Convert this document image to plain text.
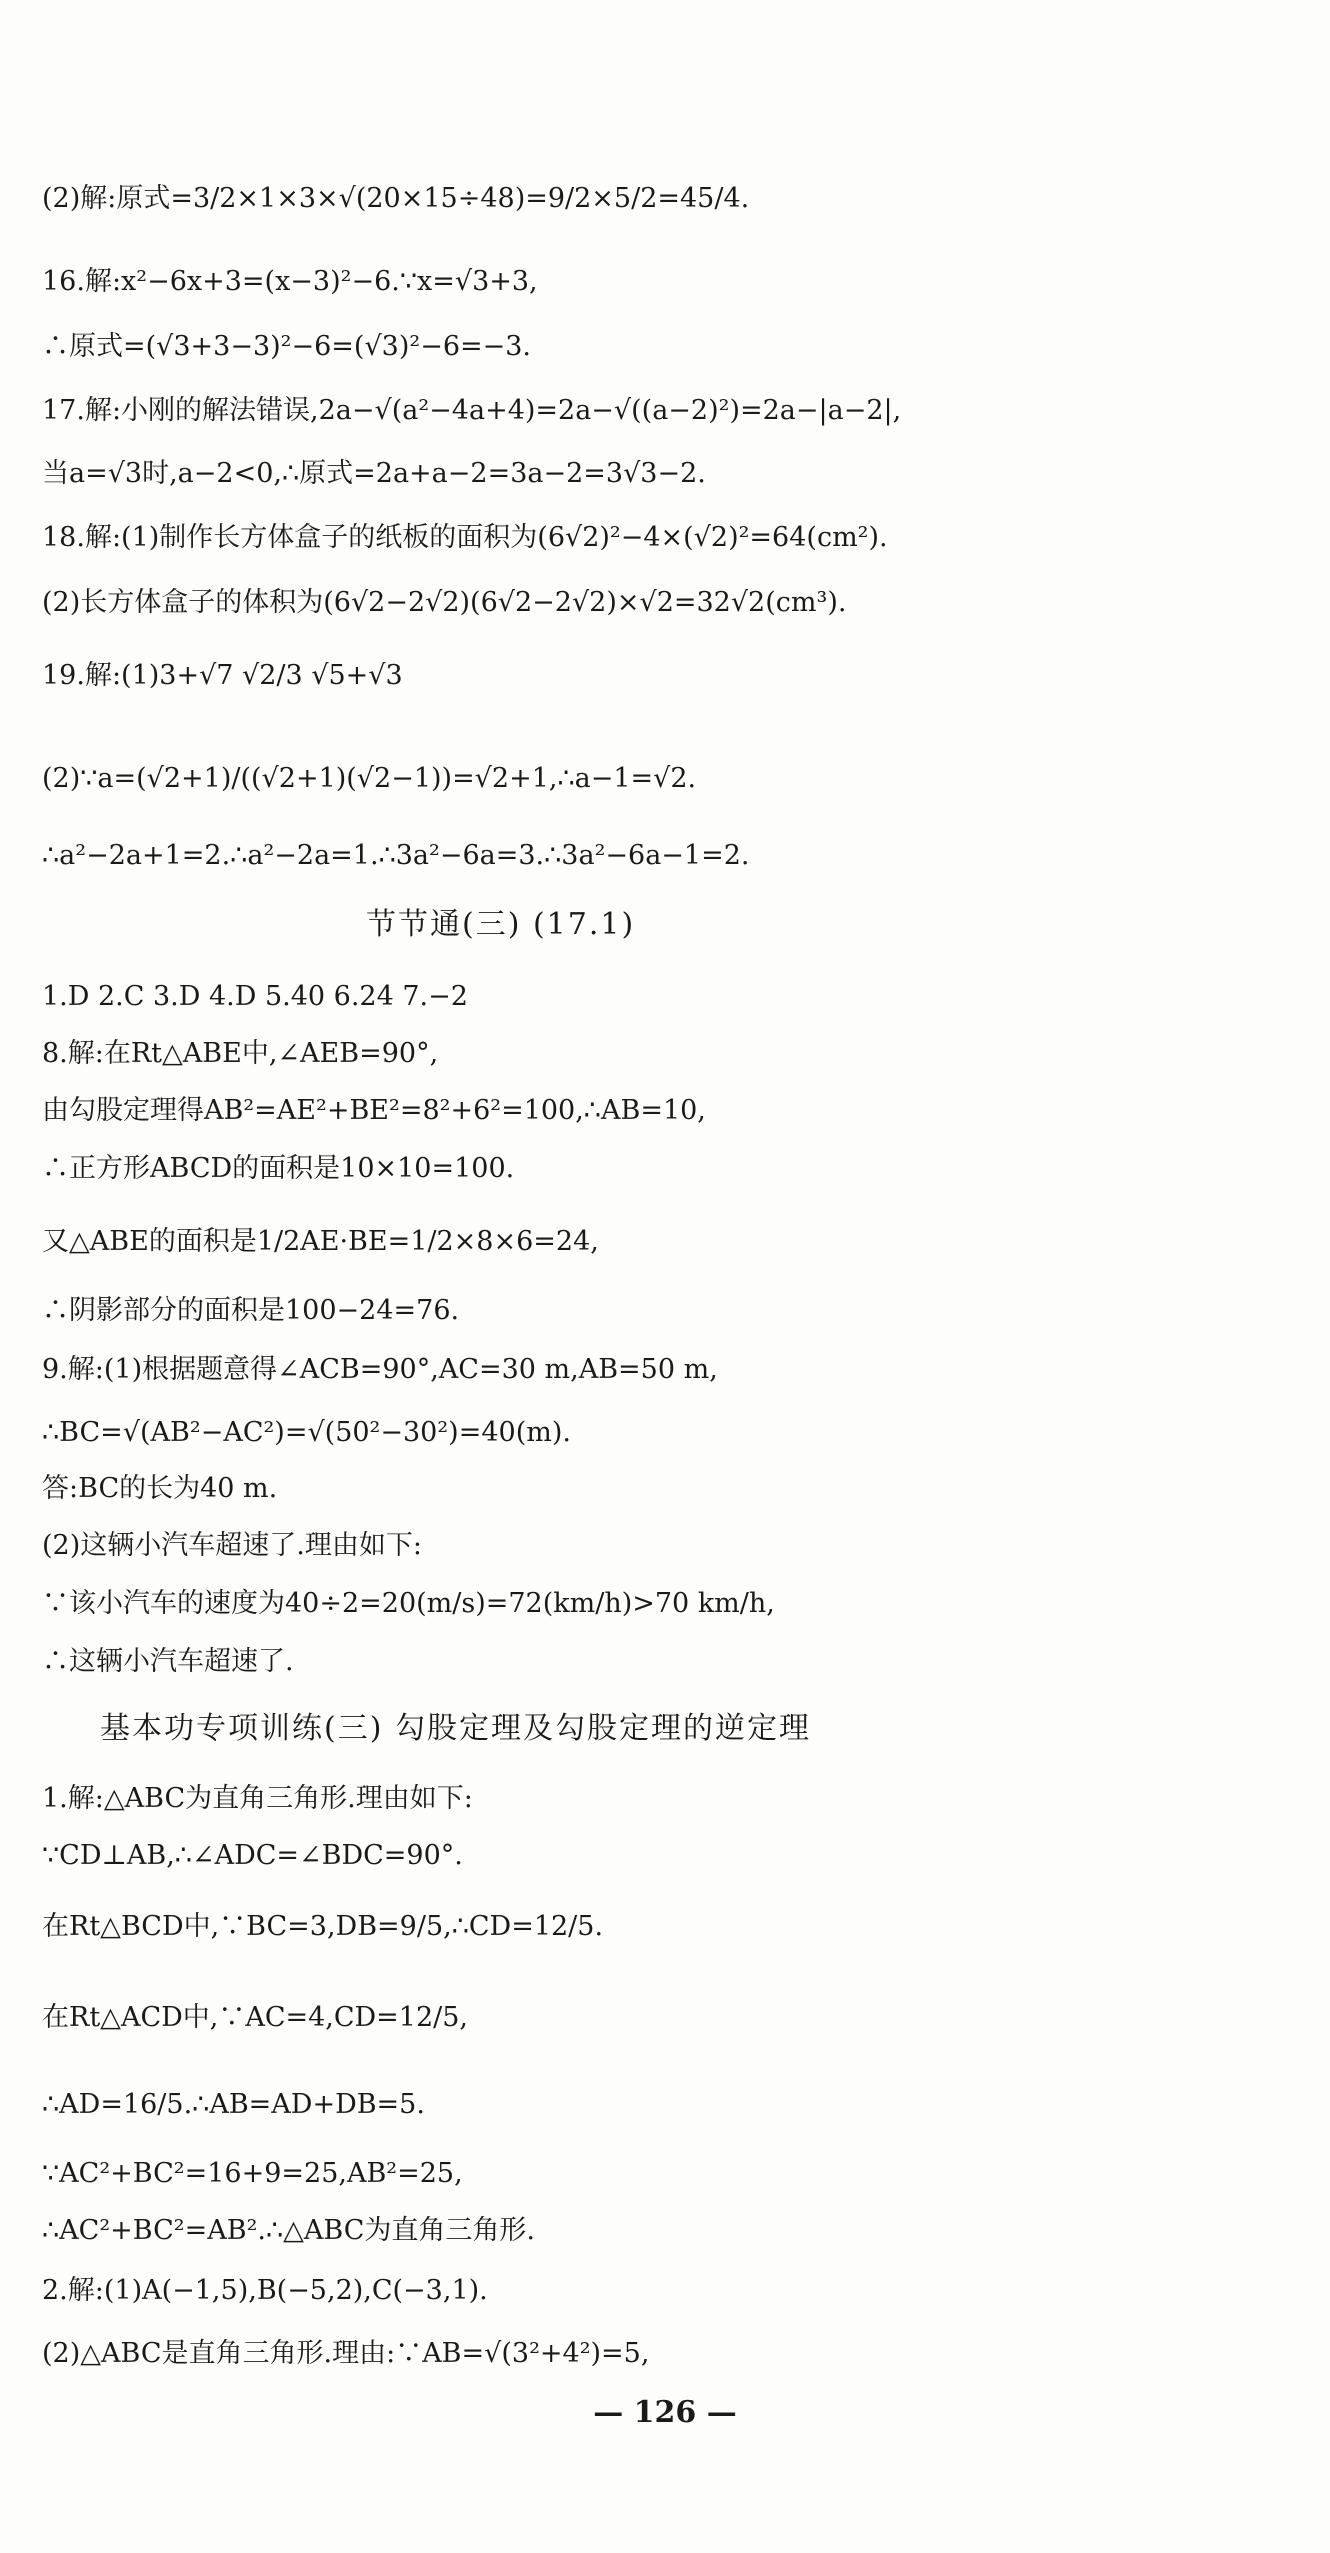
(2)解:原式=3/2×1×3×√(20×15÷48)=9/2×5/2=45/4.
16.解:x²−6x+3=(x−3)²−6.∵x=√3+3,
∴原式=(√3+3−3)²−6=(√3)²−6=−3.
17.解:小刚的解法错误,2a−√(a²−4a+4)=2a−√((a−2)²)=2a−|a−2|,
当a=√3时,a−2<0,∴原式=2a+a−2=3a−2=3√3−2.
18.解:(1)制作长方体盒子的纸板的面积为(6√2)²−4×(√2)²=64(cm²).
(2)长方体盒子的体积为(6√2−2√2)(6√2−2√2)×√2=32√2(cm³).
19.解:(1)3+√7 √2/3 √5+√3
(2)∵a=(√2+1)/((√2+1)(√2−1))=√2+1,∴a−1=√2.
∴a²−2a+1=2.∴a²−2a=1.∴3a²−6a=3.∴3a²−6a−1=2.
节节通(三) (17.1)
1.D 2.C 3.D 4.D 5.40 6.24 7.−2
8.解:在Rt△ABE中,∠AEB=90°,
由勾股定理得AB²=AE²+BE²=8²+6²=100,∴AB=10,
∴正方形ABCD的面积是10×10=100.
又△ABE的面积是1/2AE·BE=1/2×8×6=24,
∴阴影部分的面积是100−24=76.
9.解:(1)根据题意得∠ACB=90°,AC=30 m,AB=50 m,
∴BC=√(AB²−AC²)=√(50²−30²)=40(m).
答:BC的长为40 m.
(2)这辆小汽车超速了.理由如下:
∵该小汽车的速度为40÷2=20(m/s)=72(km/h)>70 km/h,
∴这辆小汽车超速了.
基本功专项训练(三) 勾股定理及勾股定理的逆定理
1.解:△ABC为直角三角形.理由如下:
∵CD⊥AB,∴∠ADC=∠BDC=90°.
在Rt△BCD中,∵BC=3,DB=9/5,∴CD=12/5.
在Rt△ACD中,∵AC=4,CD=12/5,
∴AD=16/5.∴AB=AD+DB=5.
∵AC²+BC²=16+9=25,AB²=25,
∴AC²+BC²=AB².∴△ABC为直角三角形.
2.解:(1)A(−1,5),B(−5,2),C(−3,1).
(2)△ABC是直角三角形.理由:∵AB=√(3²+4²)=5,
— 126 —
